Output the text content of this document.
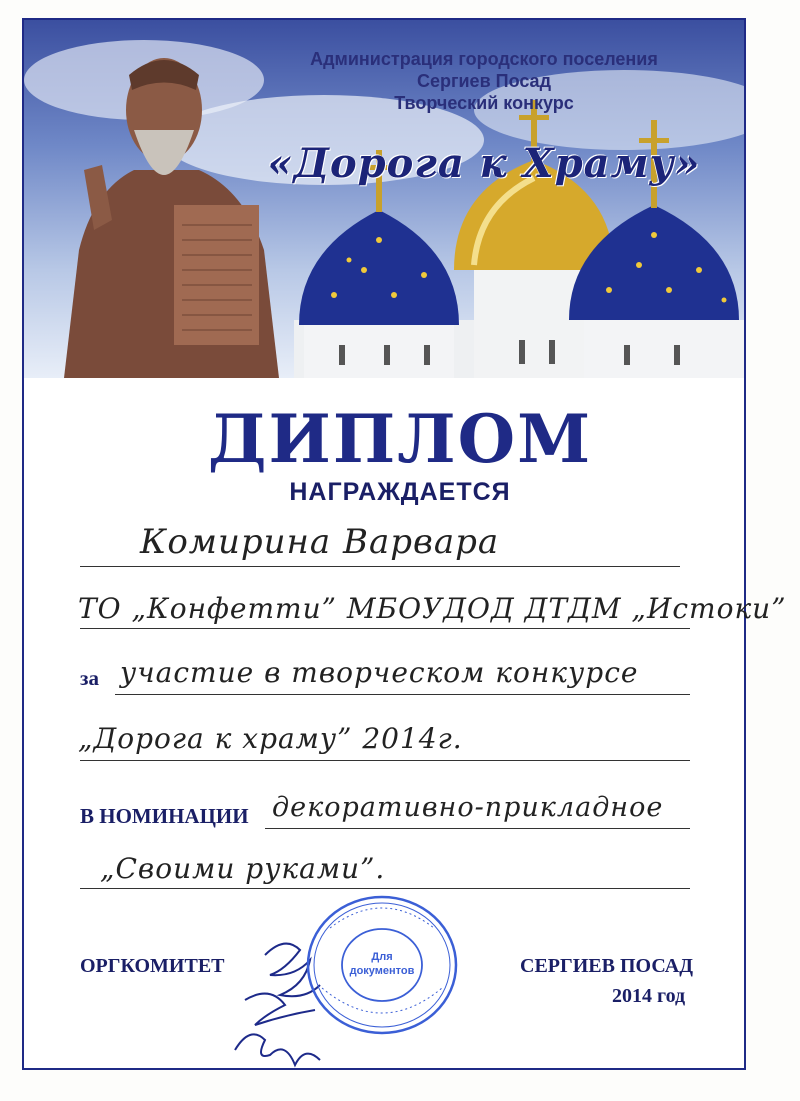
Администрация городского поселения

Сергиев Посад

Творческий конкурс

«Дорога к Храму»
ДИПЛОМ
НАГРАЖДАЕТСЯ
Комирина Варвара
ТО „Конфетти” МБОУДОД ДТДМ „Истоки”
за участие в творческом конкурсе
„Дорога к храму” 2014г.
В НОМИНАЦИИ декоративно-прикладное
„Своими руками”.
ОРГКОМИТЕТ	СЕРГИЕВ ПОСАД
2014 год
Для
документов
